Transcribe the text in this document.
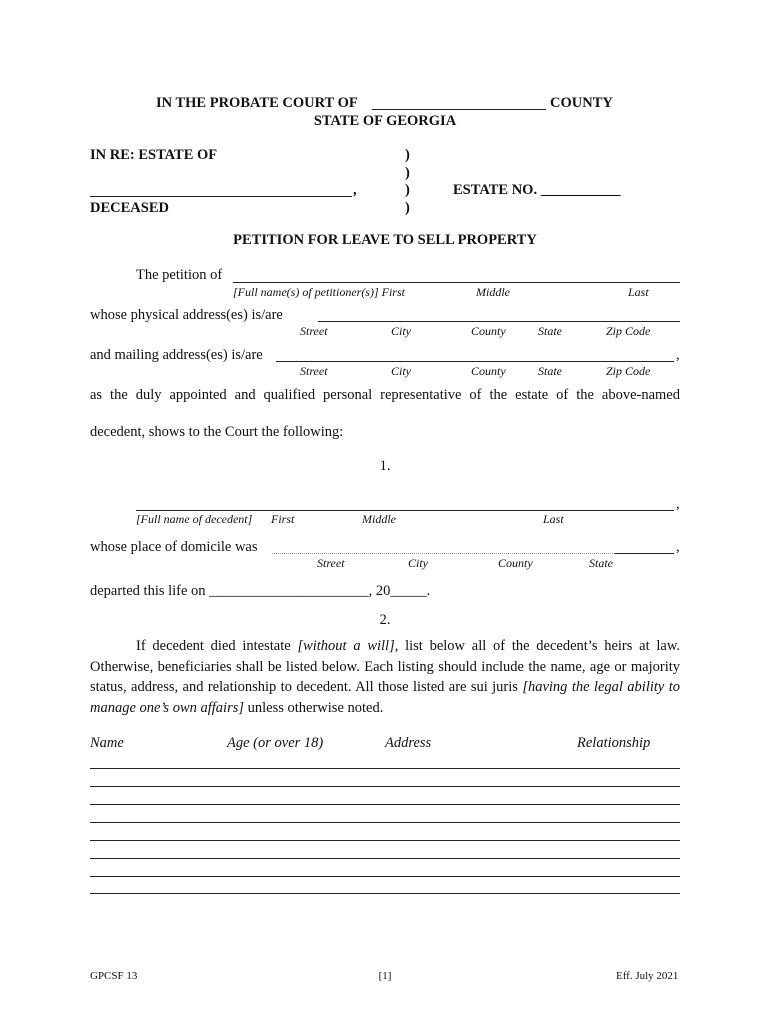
IN THE PROBATE COURT OF	COUNTY
STATE OF GEORGIA
IN RE: ESTATE OF	)
)
)
)
,	ESTATE NO. ___________
DECEASED
PETITION FOR LEAVE TO SELL PROPERTY
The petition of
[Full name(s) of petitioner(s)] First	Middle	Last
whose physical address(es) is/are
Street	City	County	State	Zip Code
and mailing address(es) is/are	,
Street	City	County	State	Zip Code
as the duly appointed and qualified personal representative of the estate of the above-named
decedent, shows to the Court the following:
1.
,
[Full name of decedent] First	Middle	Last
whose place of domicile was	,
Street	City	County	State
departed this life on ______________________, 20_____.
2.
If decedent died intestate [without a will], list below all of the decedent’s heirs at law. Otherwise, beneficiaries shall be listed below. Each listing should include the name, age or majority status, address, and relationship to decedent. All those listed are sui juris [having the legal ability to manage one’s own affairs] unless otherwise noted.
Name	Age (or over 18)	Address	Relationship
GPCSF 13	[1]	Eff. July 2021
